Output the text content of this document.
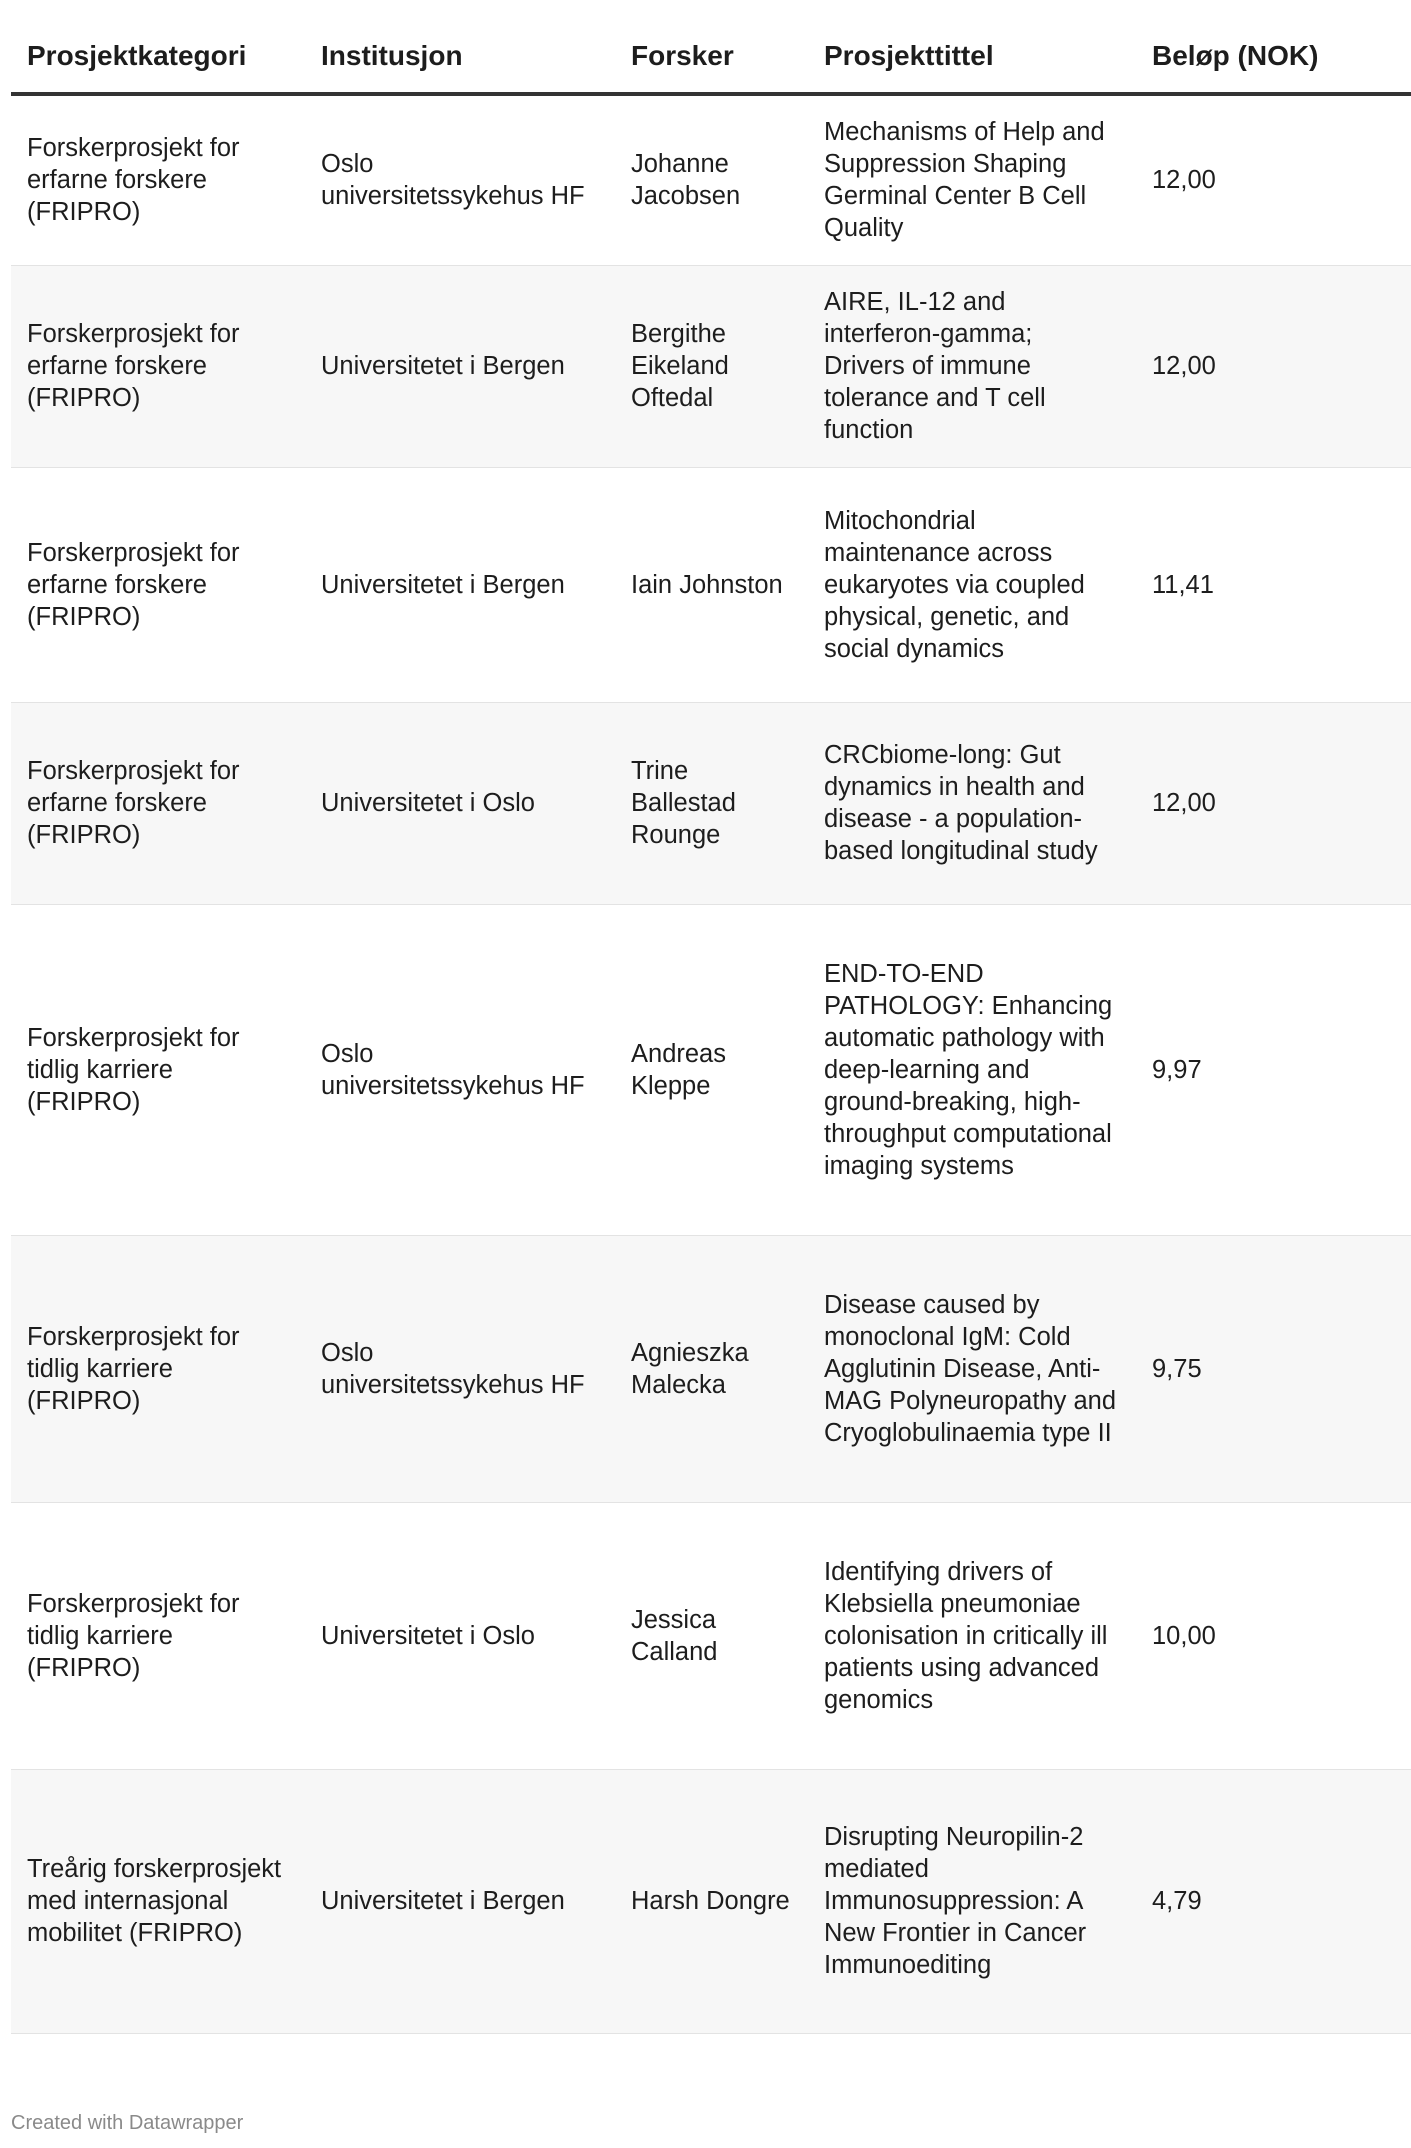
Prosjektkategori	Institusjon	Forsker	Prosjekttittel	Beløp (NOK)
Forskerprosjekt for erfarne forskere (FRIPRO)	Oslo universitetssykehus HF	Johanne Jacobsen	Mechanisms of Help and Suppression Shaping Germinal Center B Cell Quality	12,00
Forskerprosjekt for erfarne forskere (FRIPRO)	Universitetet i Bergen	Bergithe Eikeland Oftedal	AIRE, IL-12 and interferon-gamma; Drivers of immune tolerance and T cell function	12,00
Forskerprosjekt for erfarne forskere (FRIPRO)	Universitetet i Bergen	Iain Johnston	Mitochondrial maintenance across eukaryotes via coupled physical, genetic, and social dynamics	11,41
Forskerprosjekt for erfarne forskere (FRIPRO)	Universitetet i Oslo	Trine Ballestad Rounge	CRCbiome-long: Gut dynamics in health and disease - a population-based longitudinal study	12,00
Forskerprosjekt for tidlig karriere (FRIPRO)	Oslo universitetssykehus HF	Andreas Kleppe	END-TO-END PATHOLOGY: Enhancing automatic pathology with deep-learning and ground-breaking, high-throughput computational imaging systems	9,97
Forskerprosjekt for tidlig karriere (FRIPRO)	Oslo universitetssykehus HF	Agnieszka Malecka	Disease caused by monoclonal IgM: Cold Agglutinin Disease, Anti-MAG Polyneuropathy and Cryoglobulinaemia type II	9,75
Forskerprosjekt for tidlig karriere (FRIPRO)	Universitetet i Oslo	Jessica Calland	Identifying drivers of Klebsiella pneumoniae colonisation in critically ill patients using advanced genomics	10,00
Treårig forskerprosjekt med internasjonal mobilitet (FRIPRO)	Universitetet i Bergen	Harsh Dongre	Disrupting Neuropilin-2 mediated Immunosuppression: A New Frontier in Cancer Immunoediting	4,79
Created with Datawrapper
